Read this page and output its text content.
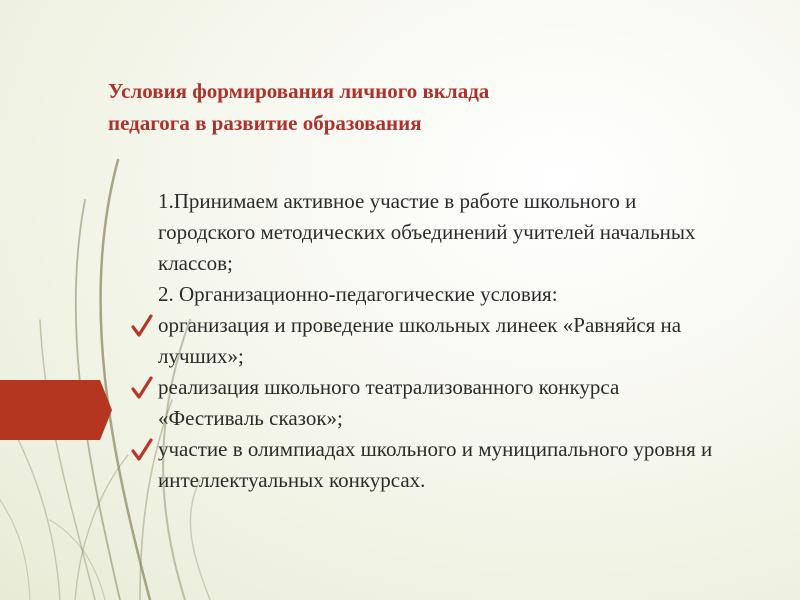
Условия формирования личного вклада
педагога в развитие образования

1.Принимаем активное участие в работе школьного и городского методических объединений учителей начальных классов;

2. Организационно-педагогические условия:

организация и проведение школьных линеек «Равняйся на лучших»;
реализация школьного театрализованного конкурса «Фестиваль сказок»;
участие в олимпиадах школьного и муниципального уровня и интеллектуальных конкурсах.
